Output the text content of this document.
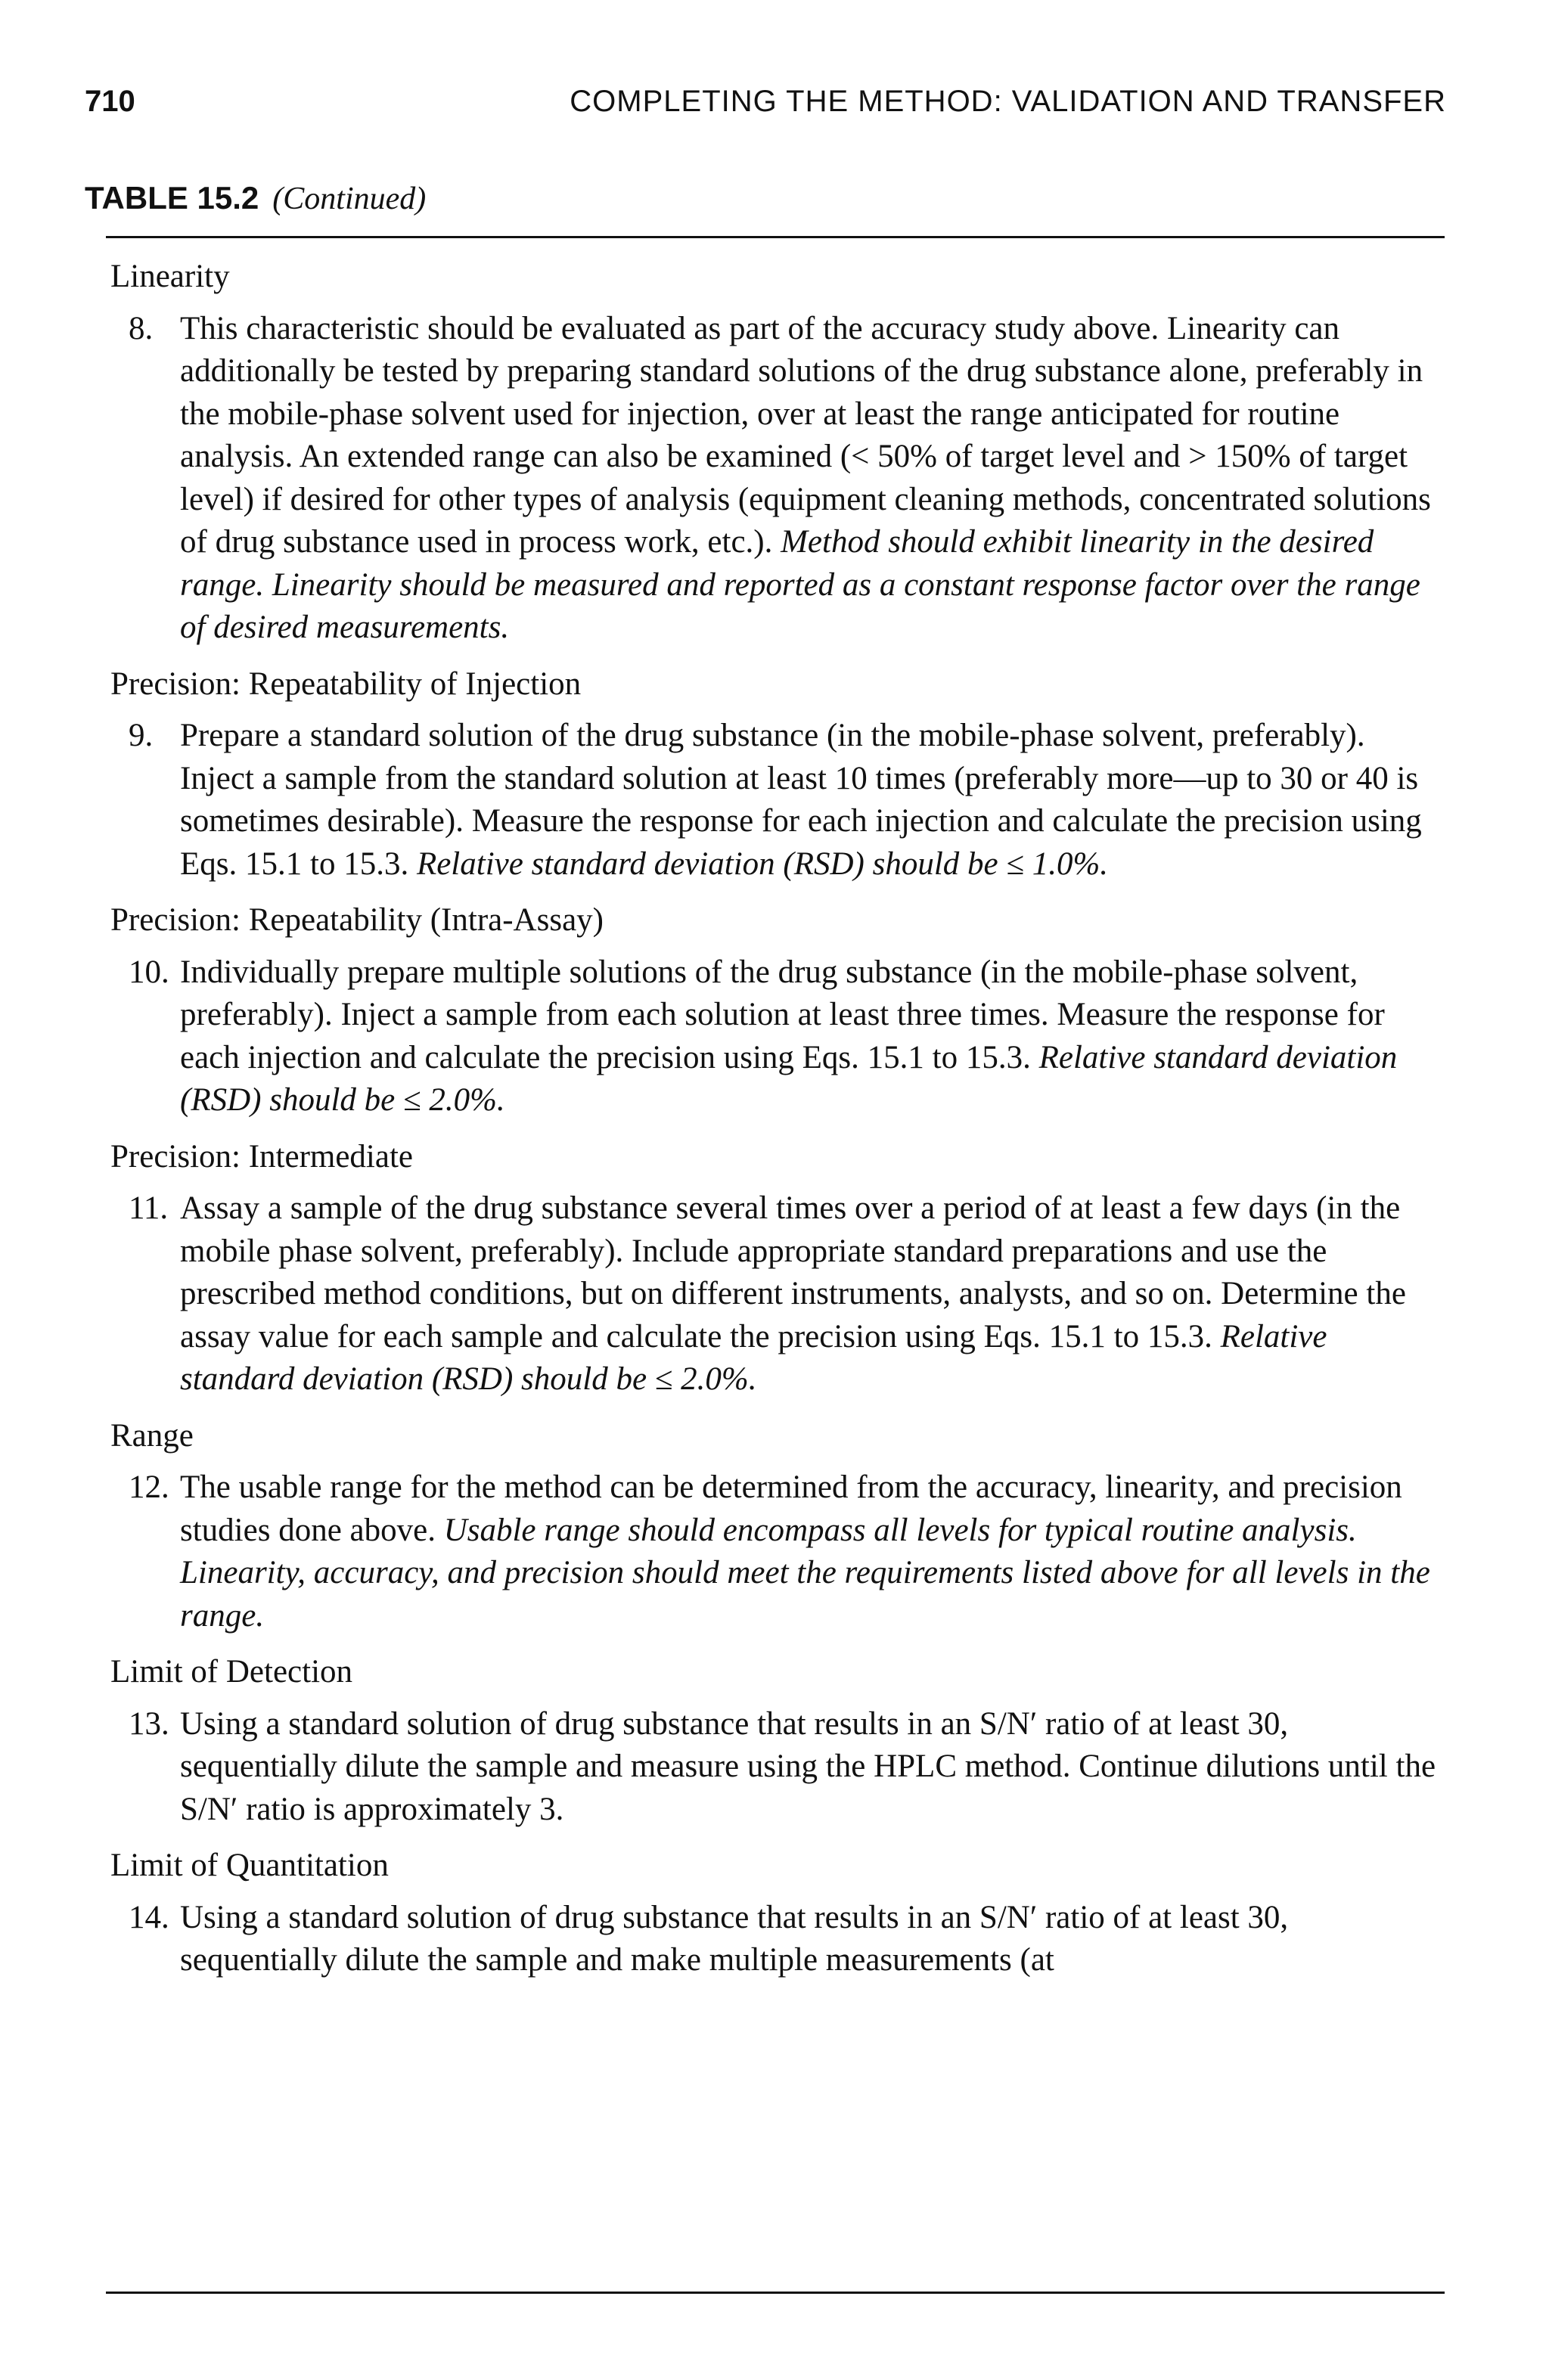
710	COMPLETING THE METHOD: VALIDATION AND TRANSFER
TABLE 15.2 (Continued)
Linearity
8. This characteristic should be evaluated as part of the accuracy study above. Linearity can additionally be tested by preparing standard solutions of the drug substance alone, preferably in the mobile-phase solvent used for injection, over at least the range anticipated for routine analysis. An extended range can also be examined (< 50% of target level and > 150% of target level) if desired for other types of analysis (equipment cleaning methods, concentrated solutions of drug substance used in process work, etc.). Method should exhibit linearity in the desired range. Linearity should be measured and reported as a constant response factor over the range of desired measurements.
Precision: Repeatability of Injection
9. Prepare a standard solution of the drug substance (in the mobile-phase solvent, preferably). Inject a sample from the standard solution at least 10 times (preferably more—up to 30 or 40 is sometimes desirable). Measure the response for each injection and calculate the precision using Eqs. 15.1 to 15.3. Relative standard deviation (RSD) should be ≤ 1.0%.
Precision: Repeatability (Intra-Assay)
10. Individually prepare multiple solutions of the drug substance (in the mobile-phase solvent, preferably). Inject a sample from each solution at least three times. Measure the response for each injection and calculate the precision using Eqs. 15.1 to 15.3. Relative standard deviation (RSD) should be ≤ 2.0%.
Precision: Intermediate
11. Assay a sample of the drug substance several times over a period of at least a few days (in the mobile phase solvent, preferably). Include appropriate standard preparations and use the prescribed method conditions, but on different instruments, analysts, and so on. Determine the assay value for each sample and calculate the precision using Eqs. 15.1 to 15.3. Relative standard deviation (RSD) should be ≤ 2.0%.
Range
12. The usable range for the method can be determined from the accuracy, linearity, and precision studies done above. Usable range should encompass all levels for typical routine analysis. Linearity, accuracy, and precision should meet the requirements listed above for all levels in the range.
Limit of Detection
13. Using a standard solution of drug substance that results in an S/N′ ratio of at least 30, sequentially dilute the sample and measure using the HPLC method. Continue dilutions until the S/N′ ratio is approximately 3.
Limit of Quantitation
14. Using a standard solution of drug substance that results in an S/N′ ratio of at least 30, sequentially dilute the sample and make multiple measurements (at
